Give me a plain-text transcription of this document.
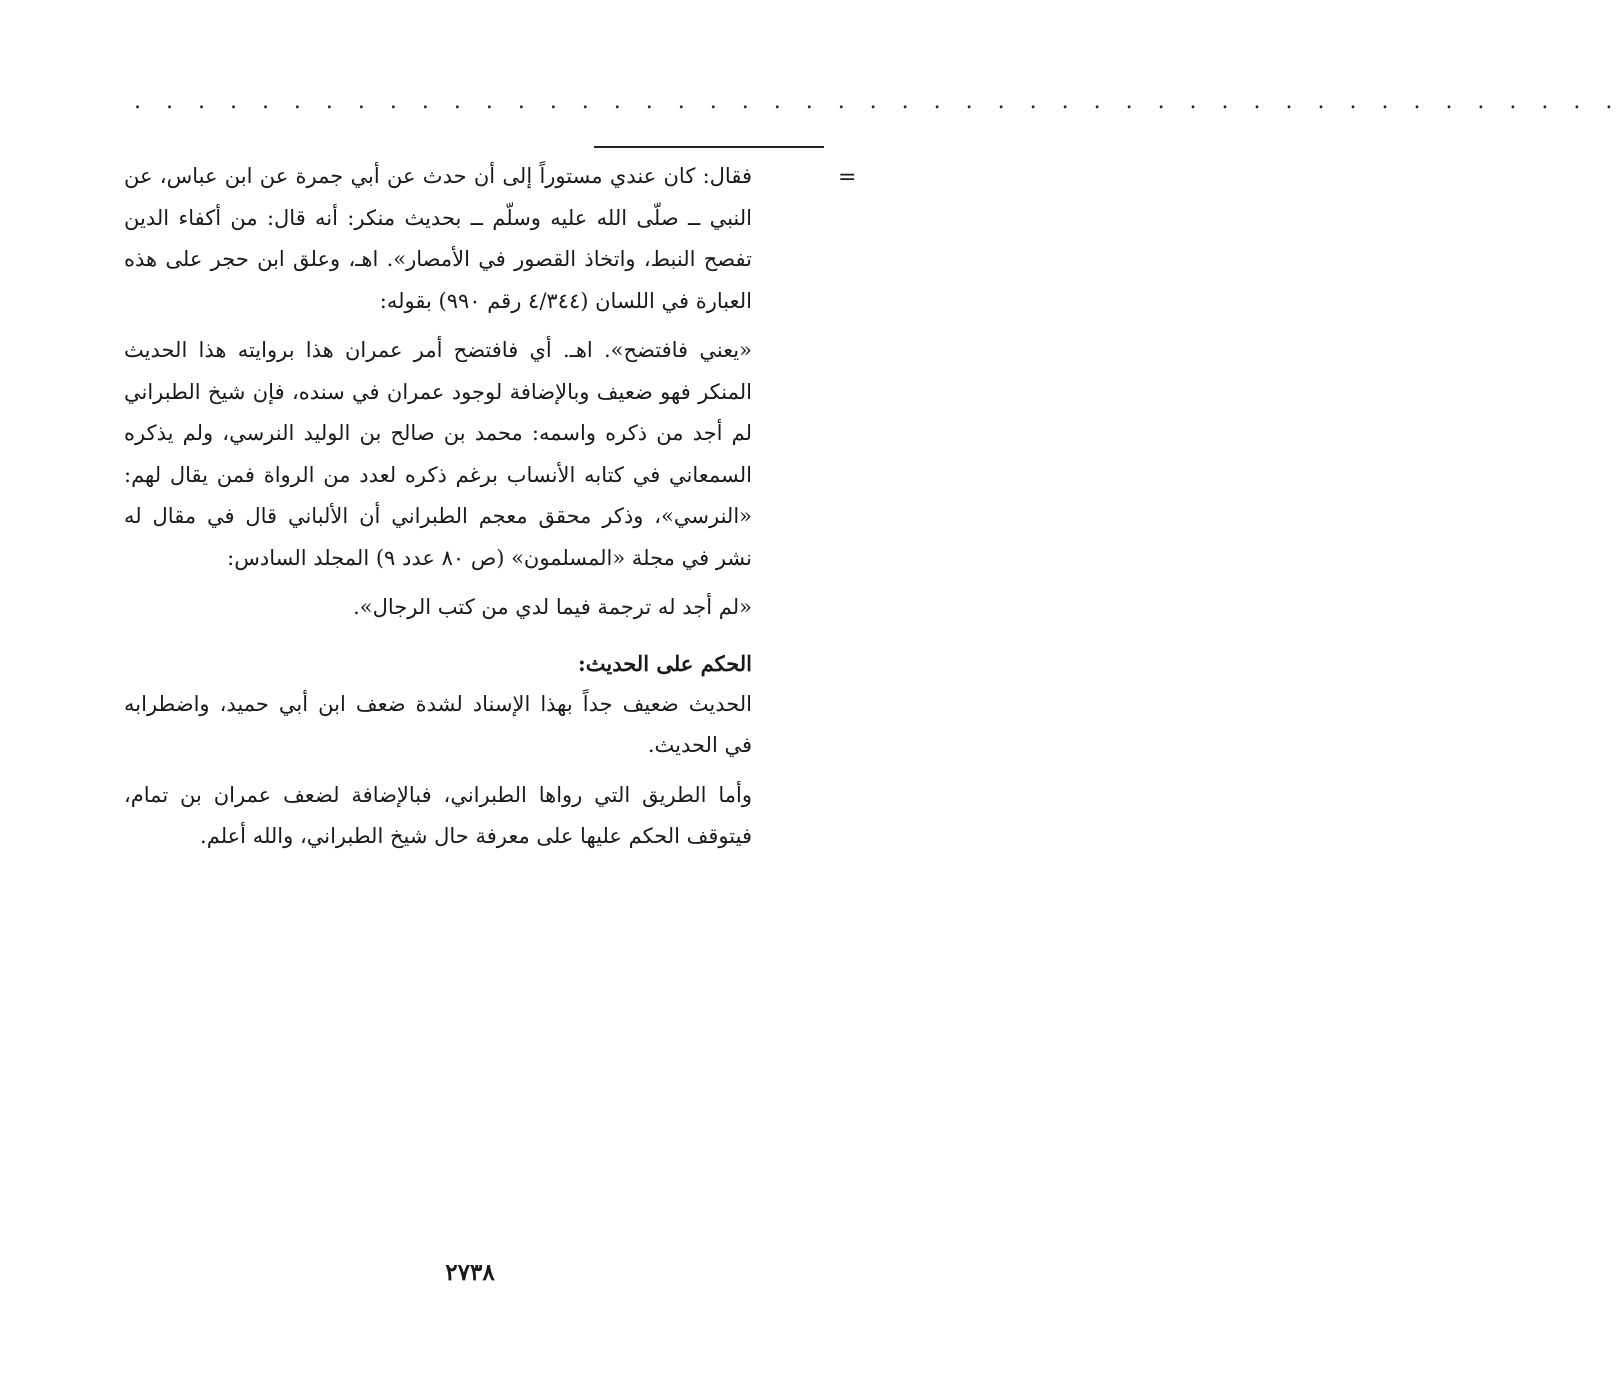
. . . . . . . . . . . . . . . . . . . . . . . . . . . . . . . . . . . . . . . . . . . . . . .
=

فقال: كان عندي مستوراً إلى أن حدث عن أبي جمرة عن ابن عباس، عن النبي ــ صلّى الله عليه وسلّم ــ بحديث منكر: أنه قال: من أكفاء الدين تفصح النبط، واتخاذ القصور في الأمصار». اهـ، وعلق ابن حجر على هذه العبارة في اللسان (٤/٣٤٤ رقم ٩٩٠) بقوله:

«يعني فافتضح». اهـ. أي فافتضح أمر عمران هذا بروايته هذا الحديث المنكر فهو ضعيف وبالإضافة لوجود عمران في سنده، فإن شيخ الطبراني لم أجد من ذكره واسمه: محمد بن صالح بن الوليد النرسي، ولم يذكره السمعاني في كتابه الأنساب برغم ذكره لعدد من الرواة فمن يقال لهم: «النرسي»، وذكر محقق معجم الطبراني أن الألباني قال في مقال له نشر في مجلة «المسلمون» (ص ٨٠ عدد ٩) المجلد السادس:

«لم أجد له ترجمة فيما لدي من كتب الرجال».

الحكم على الحديث:

الحديث ضعيف جداً بهذا الإسناد لشدة ضعف ابن أبي حميد، واضطرابه في الحديث.

وأما الطريق التي رواها الطبراني، فبالإضافة لضعف عمران بن تمام، فيتوقف الحكم عليها على معرفة حال شيخ الطبراني، والله أعلم.

٢٧٣٨
